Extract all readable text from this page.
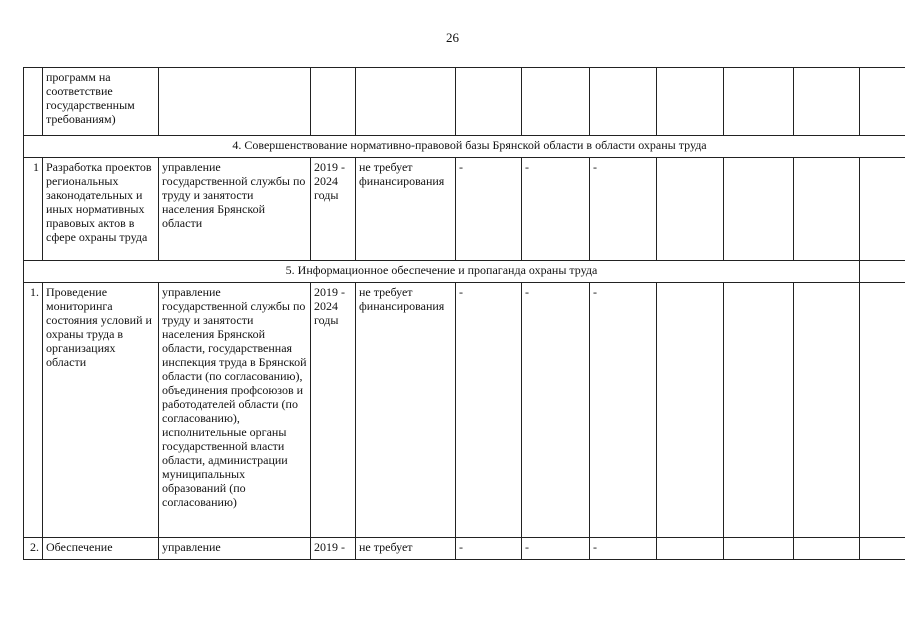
26
	программ на соответствие государственным требованиям)										
4. Совершенствование нормативно-правовой базы Брянской области в области охраны труда											
1	Разработка проектов региональных законодательных и иных нормативных правовых актов в сфере охраны труда	управление государственной службы по труду и занятости населения Брянской области	2019 - 2024 годы	не требует финансирования	-	-	-				
5. Информационное обеспечение и пропаганда охраны труда											
1.	Проведение мониторинга состояния условий и охраны труда в организациях области	управление государственной службы по труду и занятости населения Брянской области, государственная инспекция труда в Брянской области (по согласованию), объединения профсоюзов и работодателей области (по согласованию), исполнительные органы государственной власти области, администрации муниципальных образований (по согласованию)	2019 - 2024 годы	не требует финансирования	-	-	-				
2.	Обеспечение	управление	2019 -	не требует	-	-	-				
